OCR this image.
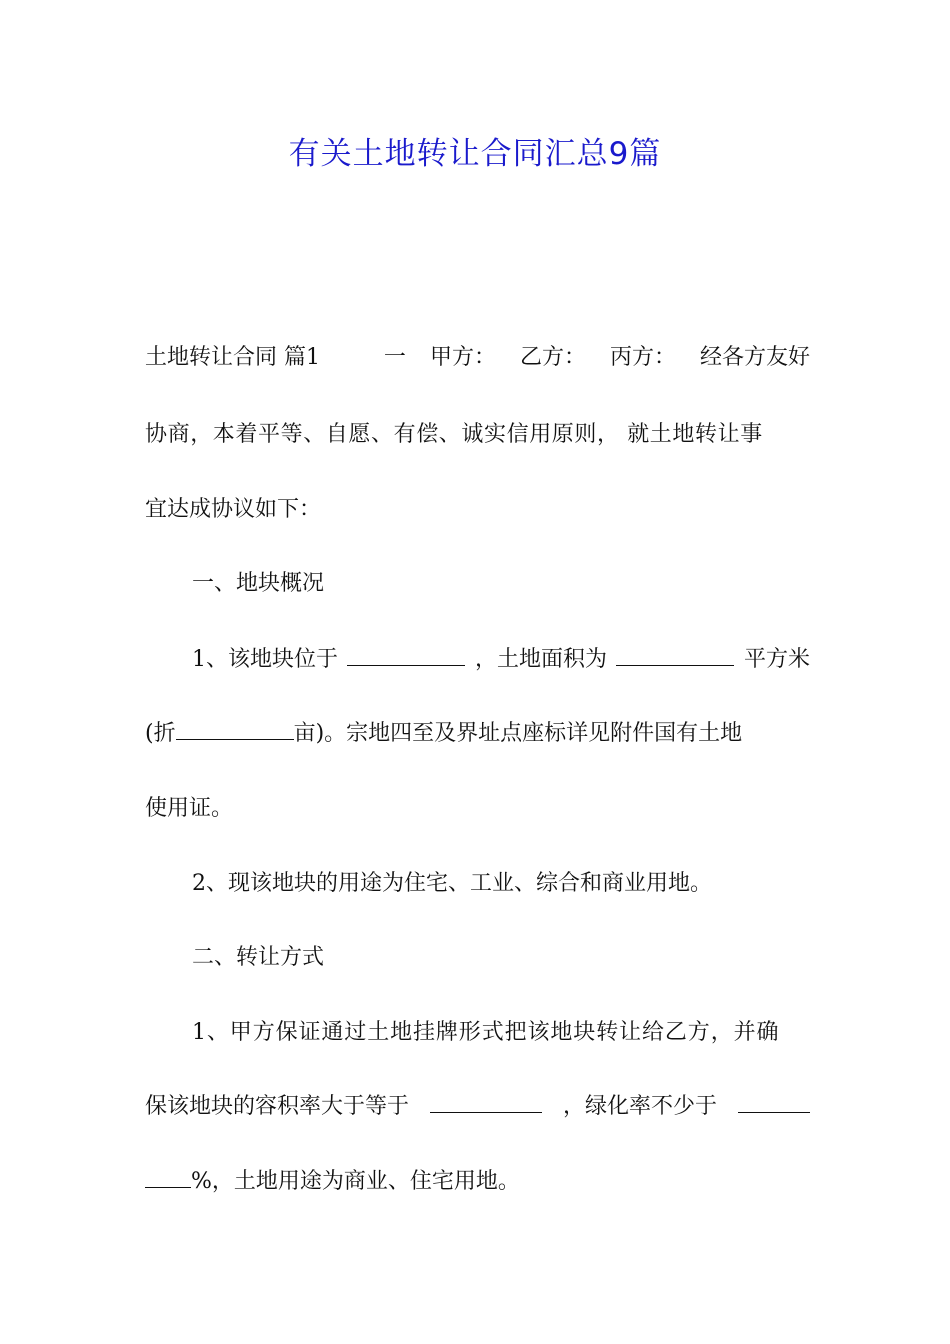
有关土地转让合同汇总9篇
土地转让合同 篇1	一 甲方： 乙方： 丙方： 经各方友好
协商，本着平等、自愿、有偿、诚实信用原则， 就土地转让事
宜达成协议如下：
一、地块概况
1、该地块位于	，土地面积为	平方米
(折	亩)。宗地四至及界址点座标详见附件国有土地
使用证。
2、现该地块的用途为住宅、工业、综合和商业用地。
二、转让方式
1、甲方保证通过土地挂牌形式把该地块转让给乙方，并确
保该地块的容积率大于等于	，绿化率不少于
%，土地用途为商业、住宅用地。
